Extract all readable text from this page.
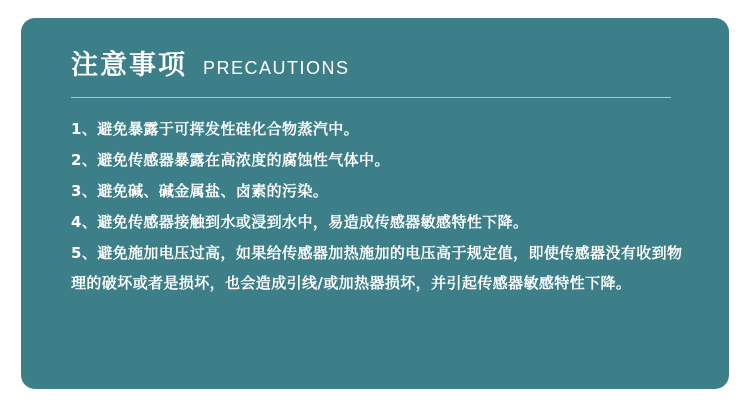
注意事项 PRECAUTIONS
1、避免暴露于可挥发性硅化合物蒸汽中。
2、避免传感器暴露在高浓度的腐蚀性气体中。
3、避免碱、碱金属盐、卤素的污染。
4、避免传感器接触到水或浸到水中，易造成传感器敏感特性下降。
5、避免施加电压过高，如果给传感器加热施加的电压高于规定值，即使传感器没有收到物理的破坏或者是损坏，也会造成引线/或加热器损坏，并引起传感器敏感特性下降。
